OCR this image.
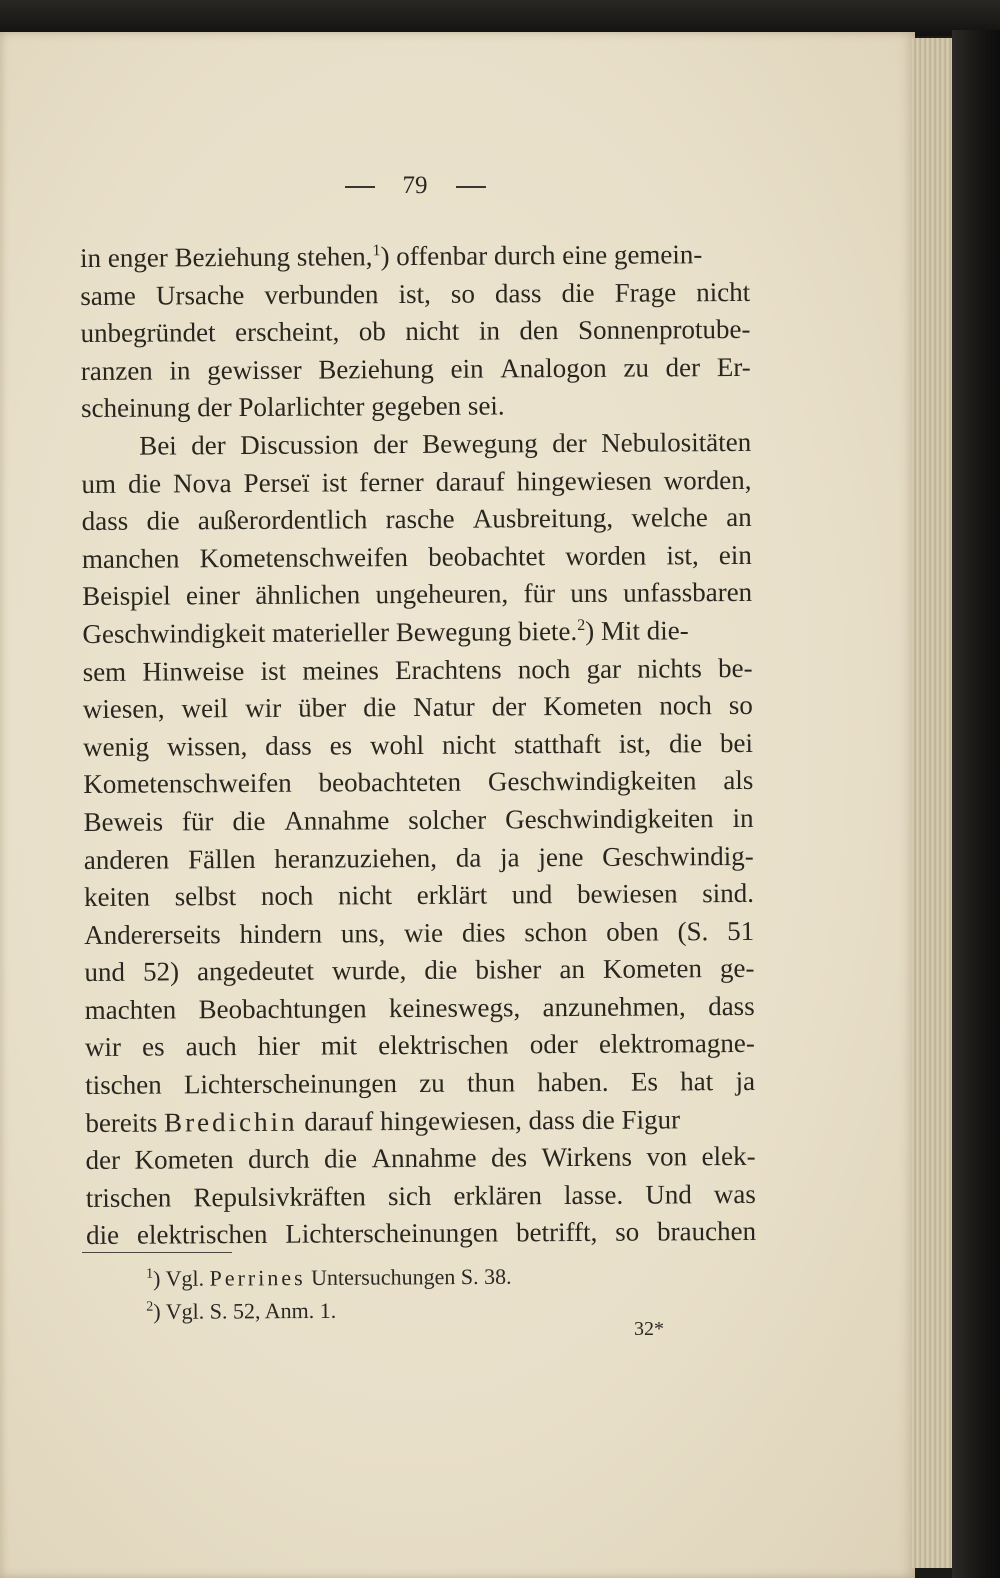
79
in enger Beziehung stehen,$^1$) offenbar durch eine gemein-
same Ursache verbunden ist, so dass die Frage nicht
unbegründet erscheint, ob nicht in den Sonnenprotube-
ranzen in gewisser Beziehung ein Analogon zu der Er-
scheinung der Polarlichter gegeben sei.
Bei der Discussion der Bewegung der Nebulositäten
um die Nova Perseï ist ferner darauf hingewiesen worden,
dass die außerordentlich rasche Ausbreitung, welche an
manchen Kometenschweifen beobachtet worden ist, ein
Beispiel einer ähnlichen ungeheuren, für uns unfassbaren
Geschwindigkeit materieller Bewegung biete.$^2$) Mit die-
sem Hinweise ist meines Erachtens noch gar nichts be-
wiesen, weil wir über die Natur der Kometen noch so
wenig wissen, dass es wohl nicht statthaft ist, die bei
Kometenschweifen beobachteten Geschwindigkeiten als
Beweis für die Annahme solcher Geschwindigkeiten in
anderen Fällen heranzuziehen, da ja jene Geschwindig-
keiten selbst noch nicht erklärt und bewiesen sind.
Andererseits hindern uns, wie dies schon oben (S. 51
und 52) angedeutet wurde, die bisher an Kometen ge-
machten Beobachtungen keineswegs, anzunehmen, dass
wir es auch hier mit elektrischen oder elektromagne-
tischen Lichterscheinungen zu thun haben. Es hat ja
bereits Bredichin darauf hingewiesen, dass die Figur
der Kometen durch die Annahme des Wirkens von elek-
trischen Repulsivkräften sich erklären lasse. Und was
die elektrischen Lichterscheinungen betrifft, so brauchen
$^1$) Vgl. Perrines Untersuchungen S. 38.
$^2$) Vgl. S. 52, Anm. 1.
32*
